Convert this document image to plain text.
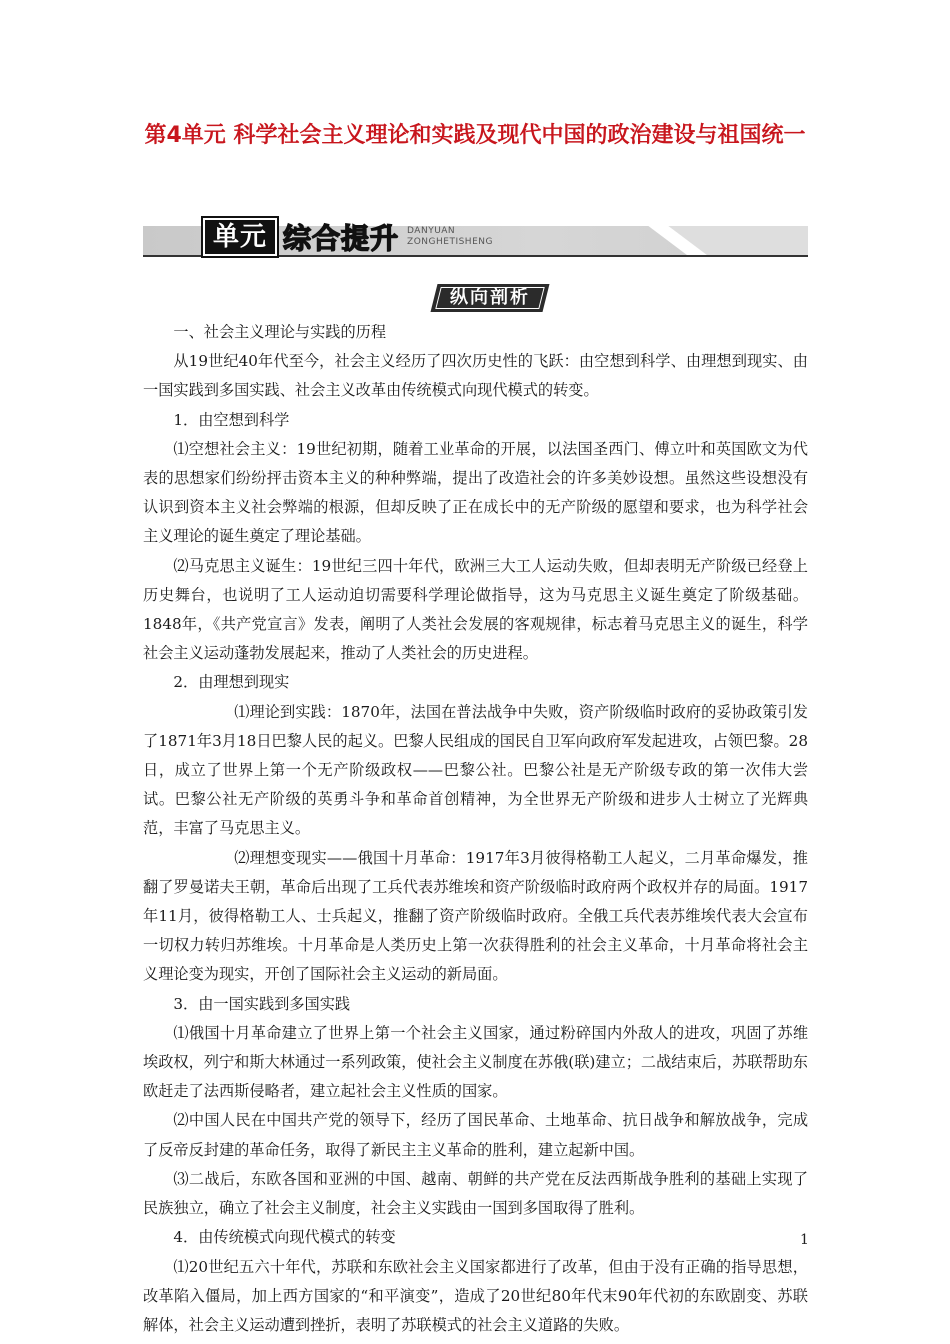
第4单元 科学社会主义理论和实践及现代中国的政治建设与祖国统一
单元 综合提升 DANYUAN
ZONGHETISHENG
纵向剖析

一、社会主义理论与实践的历程

从19世纪40年代至今，社会主义经历了四次历史性的飞跃：由空想到科学、由理想到现实、由一国实践到多国实践、社会主义改革由传统模式向现代模式的转变。

1．由空想到科学

⑴空想社会主义：19世纪初期，随着工业革命的开展，以法国圣西门、傅立叶和英国欧文为代表的思想家们纷纷抨击资本主义的种种弊端，提出了改造社会的许多美妙设想。虽然这些设想没有认识到资本主义社会弊端的根源，但却反映了正在成长中的无产阶级的愿望和要求，也为科学社会主义理论的诞生奠定了理论基础。

⑵马克思主义诞生：19世纪三四十年代，欧洲三大工人运动失败，但却表明无产阶级已经登上历史舞台，也说明了工人运动迫切需要科学理论做指导，这为马克思主义诞生奠定了阶级基础。1848年，《共产党宣言》发表，阐明了人类社会发展的客观规律，标志着马克思主义的诞生，科学社会主义运动蓬勃发展起来，推动了人类社会的历史进程。

2．由理想到现实

⑴理论到实践：1870年，法国在普法战争中失败，资产阶级临时政府的妥协政策引发了1871年3月18日巴黎人民的起义。巴黎人民组成的国民自卫军向政府军发起进攻，占领巴黎。28日，成立了世界上第一个无产阶级政权——巴黎公社。巴黎公社是无产阶级专政的第一次伟大尝试。巴黎公社无产阶级的英勇斗争和革命首创精神，为全世界无产阶级和进步人士树立了光辉典范，丰富了马克思主义。

⑵理想变现实——俄国十月革命：1917年3月彼得格勒工人起义，二月革命爆发，推翻了罗曼诺夫王朝，革命后出现了工兵代表苏维埃和资产阶级临时政府两个政权并存的局面。1917年11月，彼得格勒工人、士兵起义，推翻了资产阶级临时政府。全俄工兵代表苏维埃代表大会宣布一切权力转归苏维埃。十月革命是人类历史上第一次获得胜利的社会主义革命，十月革命将社会主义理论变为现实，开创了国际社会主义运动的新局面。

3．由一国实践到多国实践

⑴俄国十月革命建立了世界上第一个社会主义国家，通过粉碎国内外敌人的进攻，巩固了苏维埃政权，列宁和斯大林通过一系列政策，使社会主义制度在苏俄(联)建立；二战结束后，苏联帮助东欧赶走了法西斯侵略者，建立起社会主义性质的国家。

⑵中国人民在中国共产党的领导下，经历了国民革命、土地革命、抗日战争和解放战争，完成了反帝反封建的革命任务，取得了新民主主义革命的胜利，建立起新中国。

⑶二战后，东欧各国和亚洲的中国、越南、朝鲜的共产党在反法西斯战争胜利的基础上实现了民族独立，确立了社会主义制度，社会主义实践由一国到多国取得了胜利。

4．由传统模式向现代模式的转变

⑴20世纪五六十年代，苏联和东欧社会主义国家都进行了改革，但由于没有正确的指导思想，改革陷入僵局，加上西方国家的“和平演变”，造成了20世纪80年代末90年代初的东欧剧变、苏联解体，社会主义运动遭到挫折，表明了苏联模式的社会主义道路的失败。

1
